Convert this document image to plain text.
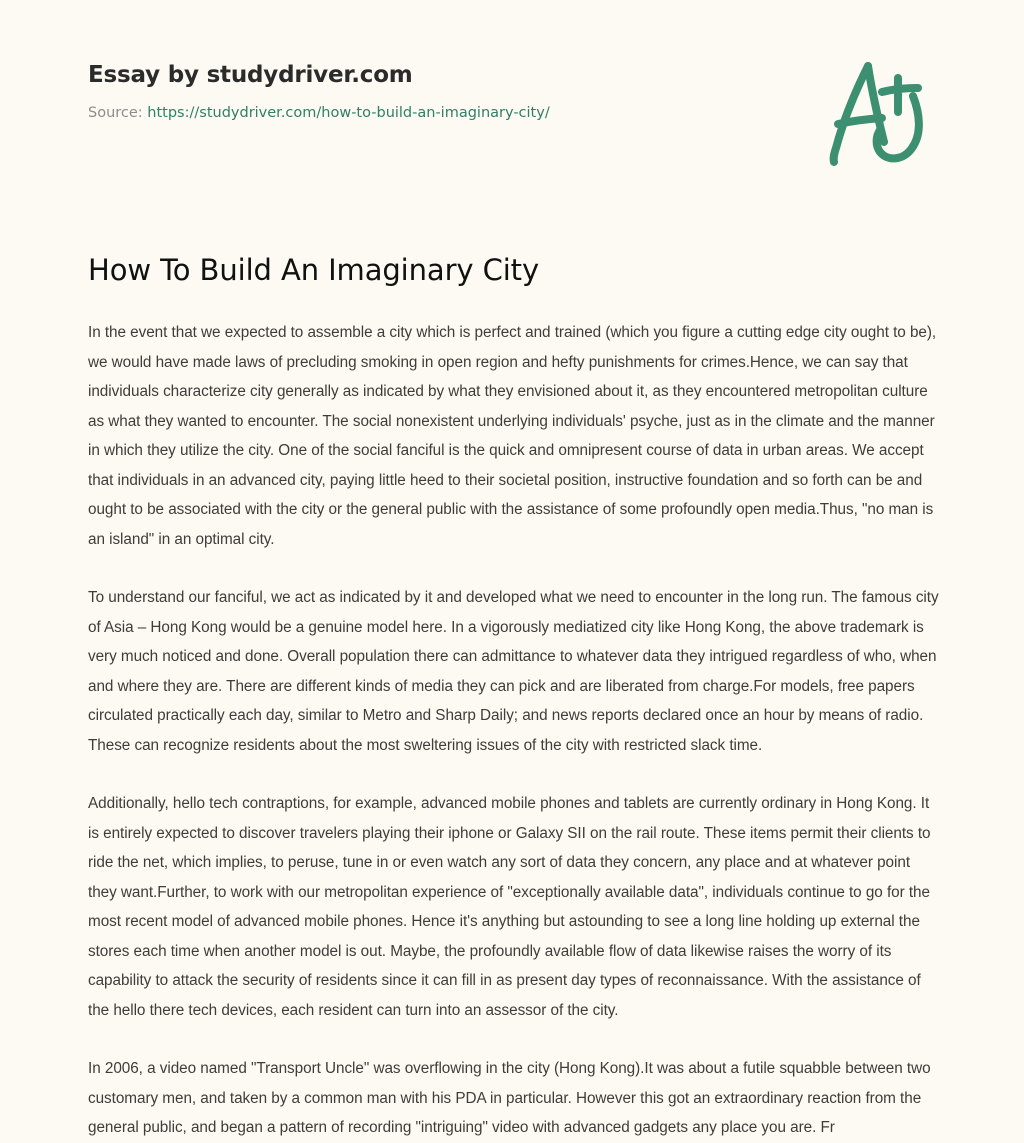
Essay by studydriver.com
Source: https://studydriver.com/how-to-build-an-imaginary-city/
How To Build An Imaginary City

In the event that we expected to assemble a city which is perfect and trained (which you figure a cutting edge city ought to be), we would have made laws of precluding smoking in open region and hefty punishments for crimes.Hence, we can say that individuals characterize city generally as indicated by what they envisioned about it, as they encountered metropolitan culture as what they wanted to encounter. The social nonexistent underlying individuals' psyche, just as in the climate and the manner in which they utilize the city. One of the social fanciful is the quick and omnipresent course of data in urban areas. We accept that individuals in an advanced city, paying little heed to their societal position, instructive foundation and so forth can be and ought to be associated with the city or the general public with the assistance of some profoundly open media.Thus, "no man is an island" in an optimal city.

To understand our fanciful, we act as indicated by it and developed what we need to encounter in the long run. The famous city of Asia – Hong Kong would be a genuine model here. In a vigorously mediatized city like Hong Kong, the above trademark is very much noticed and done. Overall population there can admittance to whatever data they intrigued regardless of who, when and where they are. There are different kinds of media they can pick and are liberated from charge.For models, free papers circulated practically each day, similar to Metro and Sharp Daily; and news reports declared once an hour by means of radio. These can recognize residents about the most sweltering issues of the city with restricted slack time.

Additionally, hello tech contraptions, for example, advanced mobile phones and tablets are currently ordinary in Hong Kong. It is entirely expected to discover travelers playing their iphone or Galaxy SII on the rail route. These items permit their clients to ride the net, which implies, to peruse, tune in or even watch any sort of data they concern, any place and at whatever point they want.Further, to work with our metropolitan experience of "exceptionally available data", individuals continue to go for the most recent model of advanced mobile phones. Hence it's anything but astounding to see a long line holding up external the stores each time when another model is out. Maybe, the profoundly available flow of data likewise raises the worry of its capability to attack the security of residents since it can fill in as present day types of reconnaissance. With the assistance of the hello there tech devices, each resident can turn into an assessor of the city.

In 2006, a video named "Transport Uncle" was overflowing in the city (Hong Kong).It was about a futile squabble between two customary men, and taken by a common man with his PDA in particular. However this got an extraordinary reaction from the general public, and began a pattern of recording "intriguing" video with advanced gadgets any place you are. Fr
